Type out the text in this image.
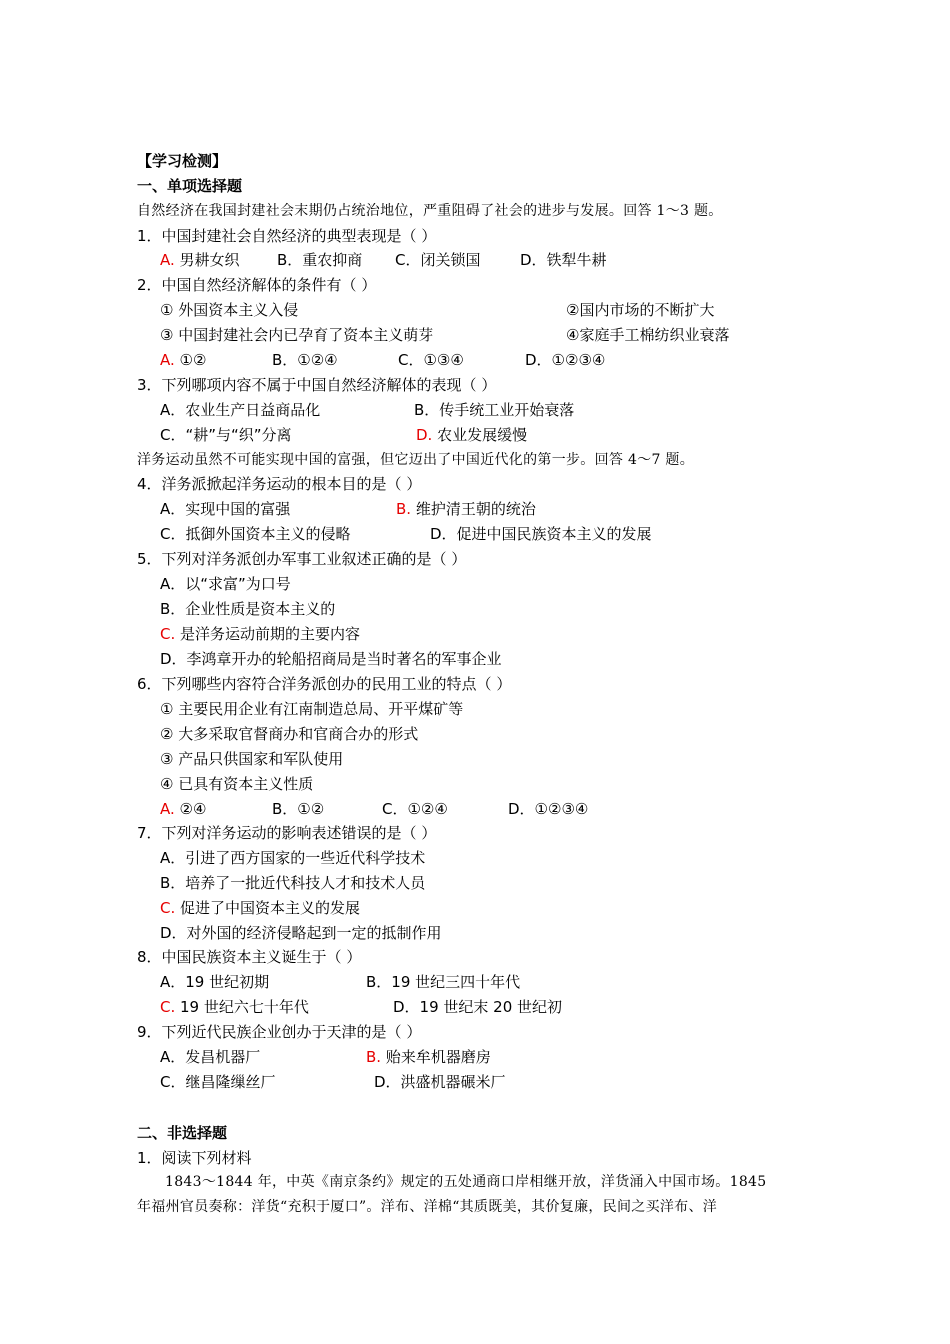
【学习检测】
一、单项选择题
自然经济在我国封建社会末期仍占统治地位，严重阻碍了社会的进步与发展。回答 1～3 题。
1．中国封建社会自然经济的典型表现是（ ）
A. 男耕女织 B．重农抑商 C．闭关锁国	D．铁犁牛耕
2．中国自然经济解体的条件有（ ）
① 外国资本主义入侵	②国内市场的不断扩大
③ 中国封建社会内已孕育了资本主义萌芽	④家庭手工棉纺织业衰落
A. ①②	B．①②④	C．①③④	D．①②③④
3．下列哪项内容不属于中国自然经济解体的表现（ ）
A．农业生产日益商品化	B．传手统工业开始衰落
C．“耕”与“织”分离	D. 农业发展缓慢
洋务运动虽然不可能实现中国的富强，但它迈出了中国近代化的第一步。回答 4～7 题。
4．洋务派掀起洋务运动的根本目的是（ ）
A．实现中国的富强	B. 维护清王朝的统治
C．抵御外国资本主义的侵略	D．促进中国民族资本主义的发展
5．下列对洋务派创办军事工业叙述正确的是（ ）
A．以“求富”为口号
B．企业性质是资本主义的
C. 是洋务运动前期的主要内容
D．李鸿章开办的轮船招商局是当时著名的军事企业
6．下列哪些内容符合洋务派创办的民用工业的特点（ ）
① 主要民用企业有江南制造总局、开平煤矿等
② 大多采取官督商办和官商合办的形式
③ 产品只供国家和军队使用
④ 已具有资本主义性质
A. ②④	B．①②	C．①②④	D．①②③④
7．下列对洋务运动的影响表述错误的是（ ）
A．引进了西方国家的一些近代科学技术
B．培养了一批近代科技人才和技术人员
C. 促进了中国资本主义的发展
D．对外国的经济侵略起到一定的抵制作用
8．中国民族资本主义诞生于（ ）
A．19 世纪初期	B．19 世纪三四十年代
C. 19 世纪六七十年代	D．19 世纪末 20 世纪初
9．下列近代民族企业创办于天津的是（ ）
A．发昌机器厂	B. 贻来牟机器磨房
C．继昌隆缫丝厂	D．洪盛机器碾米厂
二、非选择题
1．阅读下列材料
1843～1844 年，中英《南京条约》规定的五处通商口岸相继开放，洋货涌入中国市场。1845
年福州官员奏称：洋货“充积于厦口”。洋布、洋棉“其质既美，其价复廉，民间之买洋布、洋
